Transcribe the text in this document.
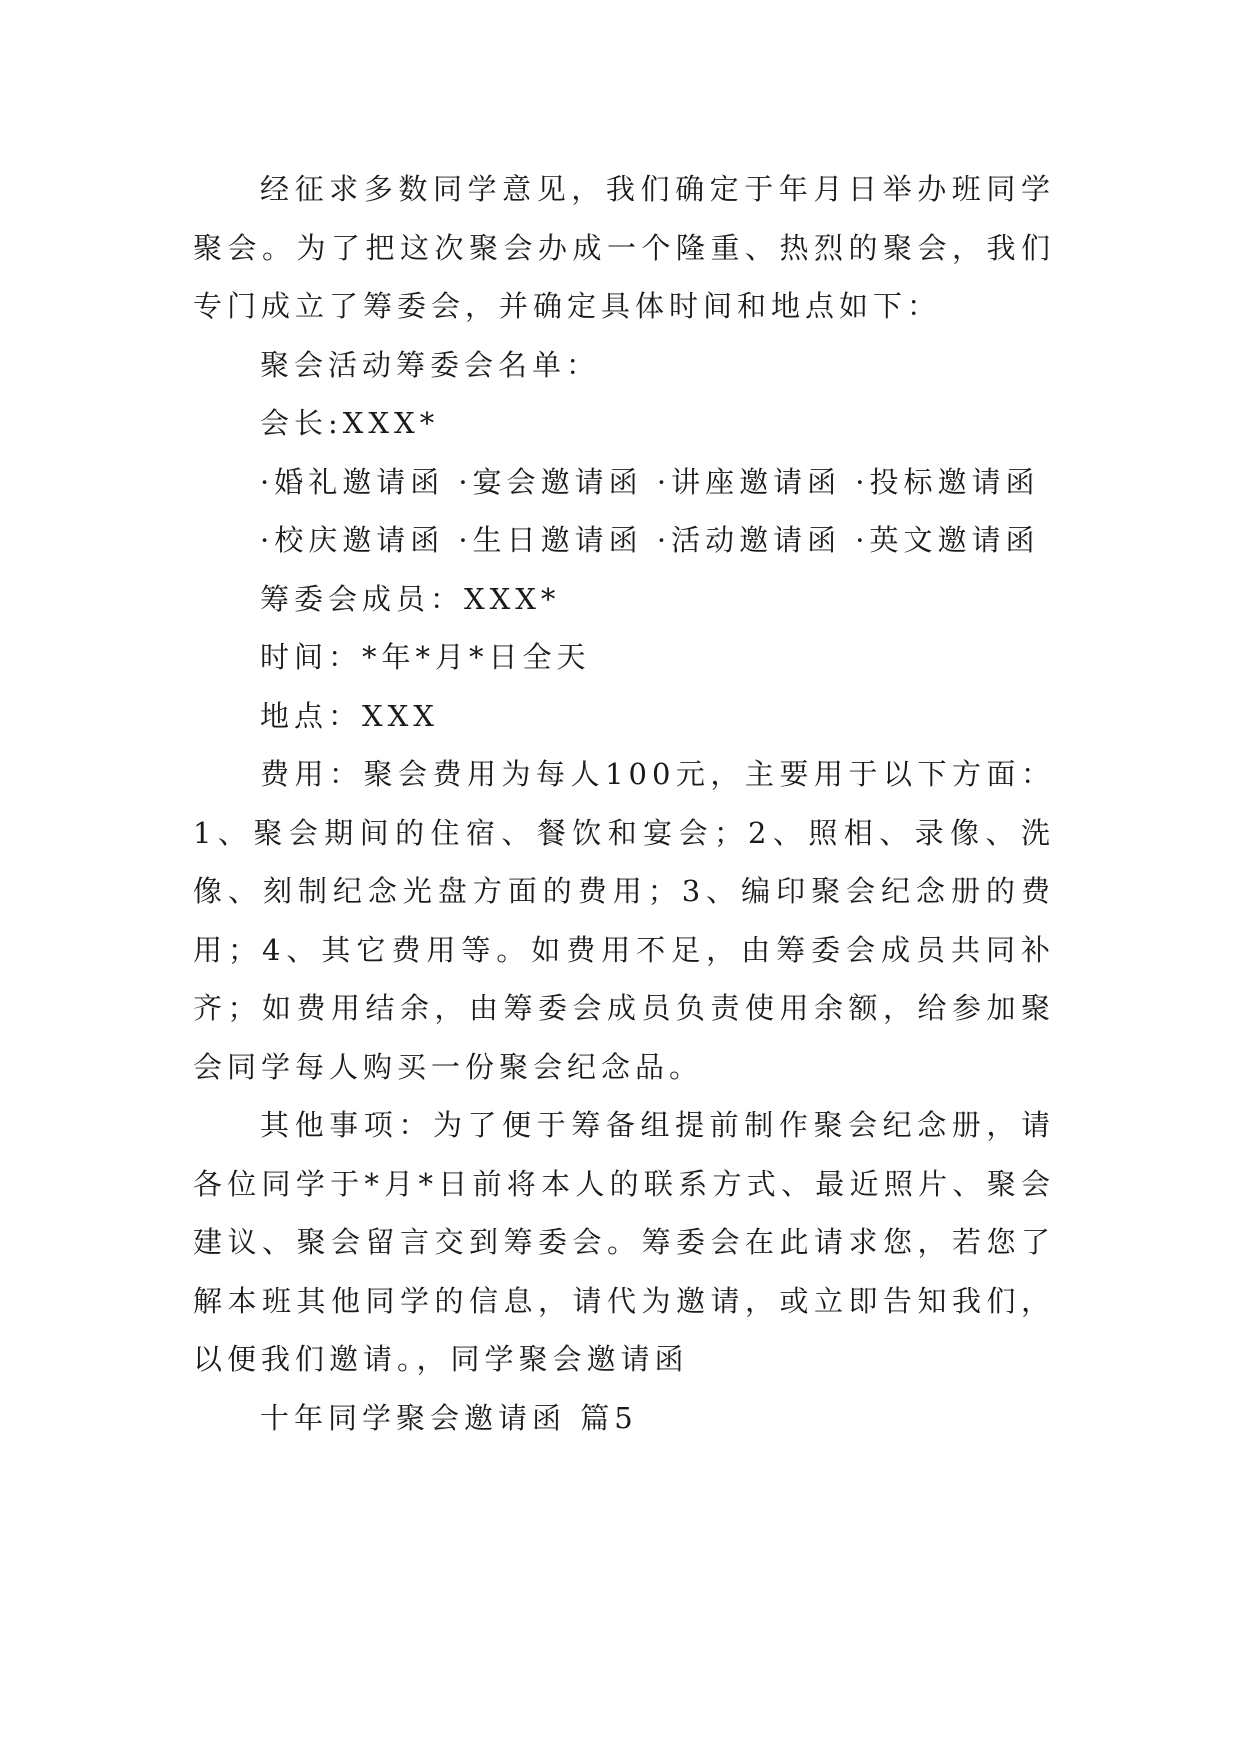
经征求多数同学意见，我们确定于年月日举办班同学聚会。为了把这次聚会办成一个隆重、热烈的聚会，我们专门成立了筹委会，并确定具体时间和地点如下：

聚会活动筹委会名单：

会长:XXX*

·婚礼邀请函 ·宴会邀请函 ·讲座邀请函 ·投标邀请函

·校庆邀请函 ·生日邀请函 ·活动邀请函 ·英文邀请函

筹委会成员：XXX*

时间：*年*月*日全天

地点：XXX

费用：聚会费用为每人100元，主要用于以下方面：1、聚会期间的住宿、餐饮和宴会；2、照相、录像、洗像、刻制纪念光盘方面的费用；3、编印聚会纪念册的费用；4、其它费用等。如费用不足，由筹委会成员共同补齐；如费用结余，由筹委会成员负责使用余额，给参加聚会同学每人购买一份聚会纪念品。

其他事项：为了便于筹备组提前制作聚会纪念册，请各位同学于*月*日前将本人的联系方式、最近照片、聚会建议、聚会留言交到筹委会。筹委会在此请求您，若您了解本班其他同学的信息，请代为邀请，或立即告知我们，以便我们邀请。，同学聚会邀请函

十年同学聚会邀请函 篇5
